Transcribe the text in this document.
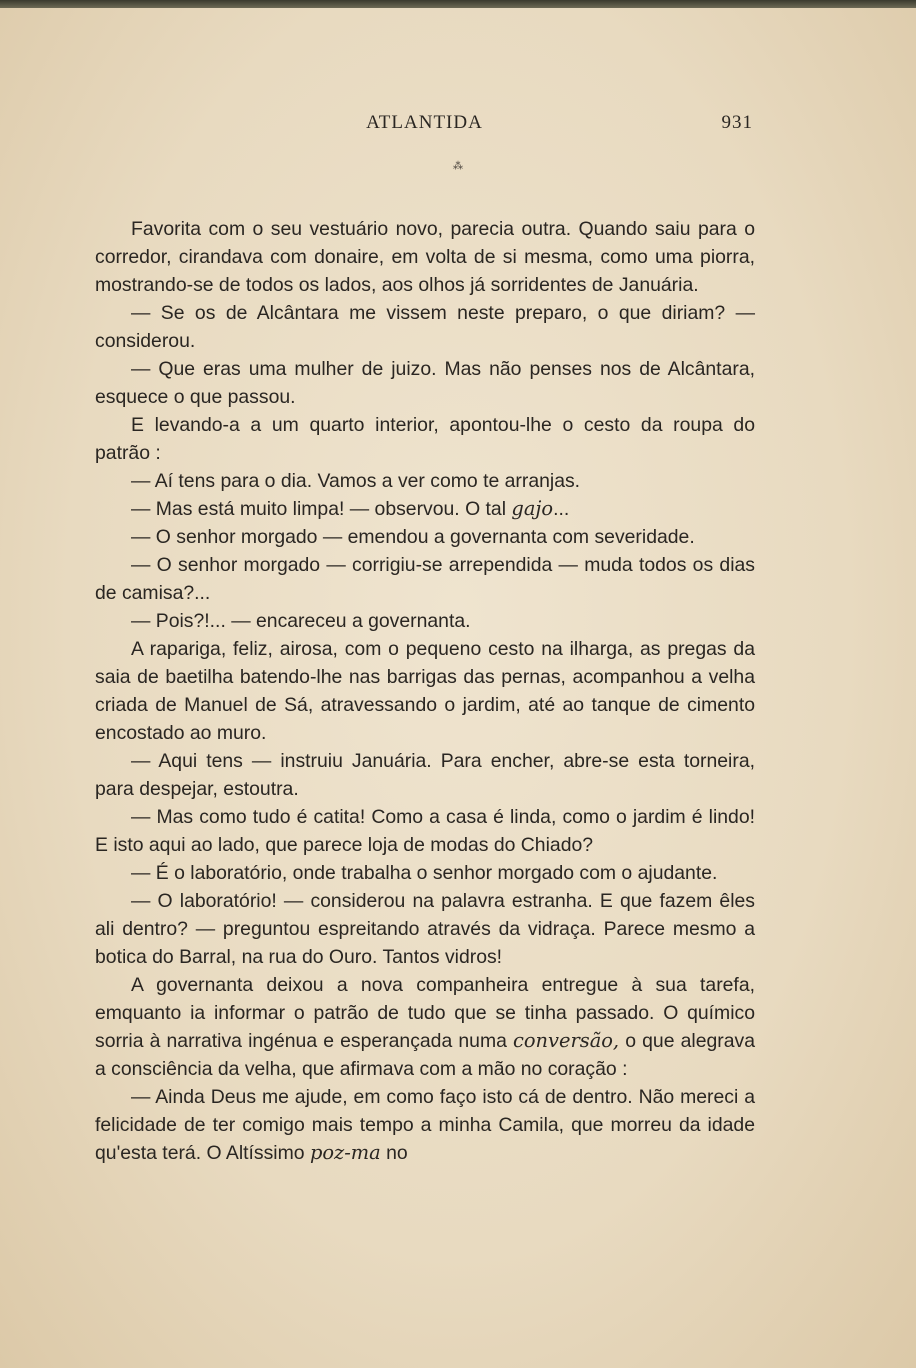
ATLANTIDA	931
⁂

Favorita com o seu vestuário novo, parecia outra. Quando saiu para o corredor, cirandava com donaire, em volta de si mesma, como uma piorra, mostrando-se de todos os lados, aos olhos já sorridentes de Januária.

— Se os de Alcântara me vissem neste preparo, o que diriam? — considerou.

— Que eras uma mulher de juizo. Mas não penses nos de Alcântara, esquece o que passou.

E levando-a a um quarto interior, apontou-lhe o cesto da roupa do patrão :

— Aí tens para o dia. Vamos a ver como te arranjas.

— Mas está muito limpa! — observou. O tal gajo...

— O senhor morgado — emendou a governanta com severidade.

— O senhor morgado — corrigiu-se arrependida — muda todos os dias de camisa?...

— Pois?!... — encareceu a governanta.

A rapariga, feliz, airosa, com o pequeno cesto na ilharga, as pregas da saia de baetilha batendo-lhe nas barrigas das pernas, acompanhou a velha criada de Manuel de Sá, atravessando o jardim, até ao tanque de cimento encostado ao muro.

— Aqui tens — instruiu Januária. Para encher, abre-se esta torneira, para despejar, estoutra.

— Mas como tudo é catita! Como a casa é linda, como o jardim é lindo! E isto aqui ao lado, que parece loja de modas do Chiado?

— É o laboratório, onde trabalha o senhor morgado com o ajudante.

— O laboratório! — considerou na palavra estranha. E que fazem êles ali dentro? — preguntou espreitando através da vidraça. Parece mesmo a botica do Barral, na rua do Ouro. Tantos vidros!

A governanta deixou a nova companheira entregue à sua tarefa, emquanto ia informar o patrão de tudo que se tinha passado. O químico sorria à narrativa ingénua e esperançada numa conversão, o que alegrava a consciência da velha, que afirmava com a mão no coração :

— Ainda Deus me ajude, em como faço isto cá de dentro. Não mereci a felicidade de ter comigo mais tempo a minha Camila, que morreu da idade qu'esta terá. O Altíssimo poz-ma no
